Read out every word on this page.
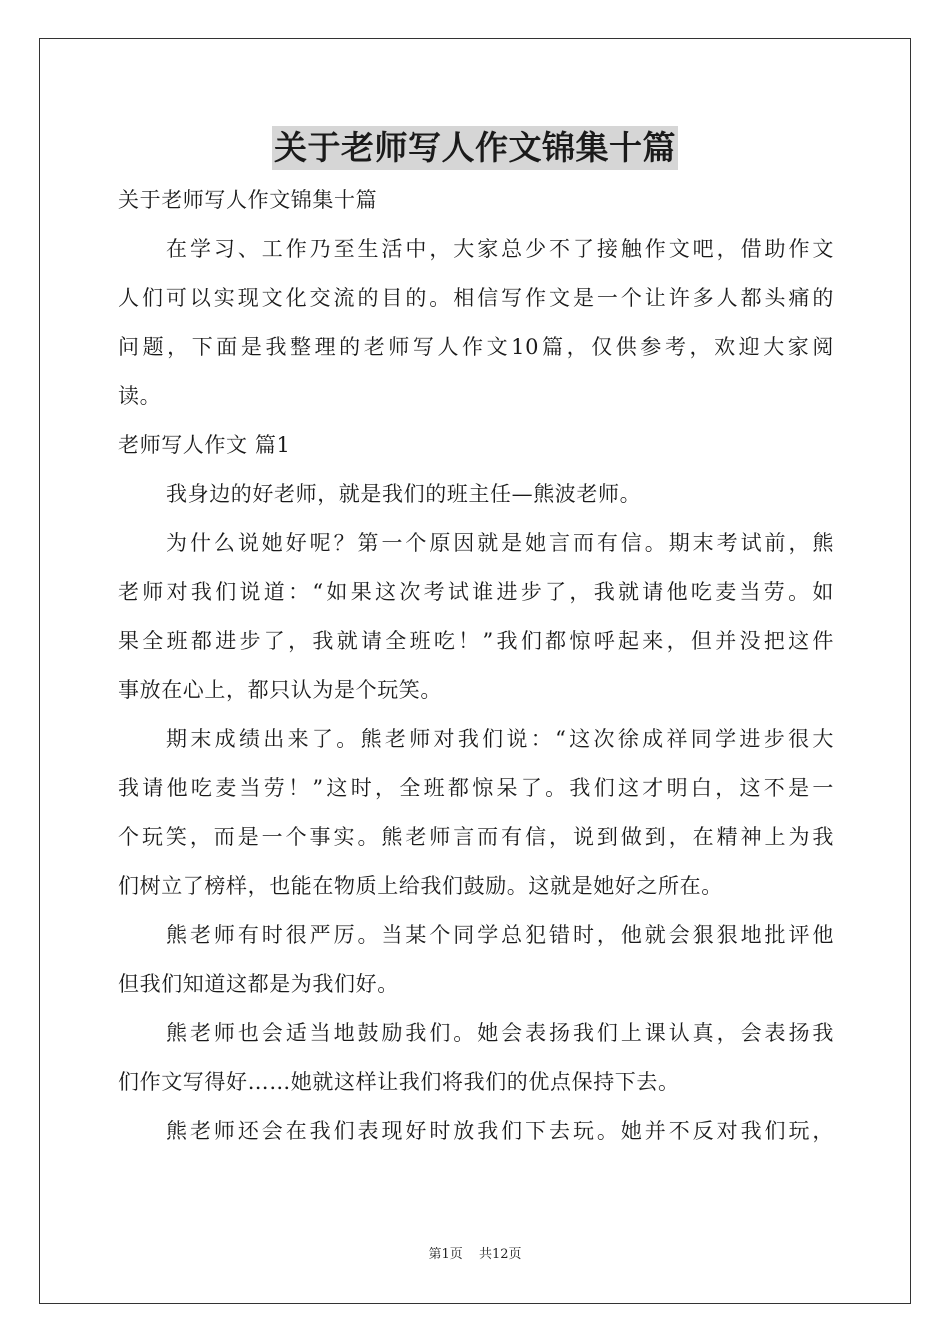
关于老师写人作文锦集十篇
关于老师写人作文锦集十篇
在学习、工作乃至生活中，大家总少不了接触作文吧，借助作文
人们可以实现文化交流的目的。相信写作文是一个让许多人都头痛的
问题，下面是我整理的老师写人作文10篇，仅供参考，欢迎大家阅
读。
老师写人作文 篇1
我身边的好老师，就是我们的班主任—熊波老师。
为什么说她好呢？第一个原因就是她言而有信。期末考试前，熊
老师对我们说道：“如果这次考试谁进步了，我就请他吃麦当劳。如
果全班都进步了，我就请全班吃！”我们都惊呼起来，但并没把这件
事放在心上，都只认为是个玩笑。
期末成绩出来了。熊老师对我们说：“这次徐成祥同学进步很大
我请他吃麦当劳！”这时，全班都惊呆了。我们这才明白，这不是一
个玩笑，而是一个事实。熊老师言而有信，说到做到，在精神上为我
们树立了榜样，也能在物质上给我们鼓励。这就是她好之所在。
熊老师有时很严厉。当某个同学总犯错时，他就会狠狠地批评他
但我们知道这都是为我们好。
熊老师也会适当地鼓励我们。她会表扬我们上课认真，会表扬我
们作文写得好……她就这样让我们将我们的优点保持下去。
熊老师还会在我们表现好时放我们下去玩。她并不反对我们玩，
第1页 共12页
